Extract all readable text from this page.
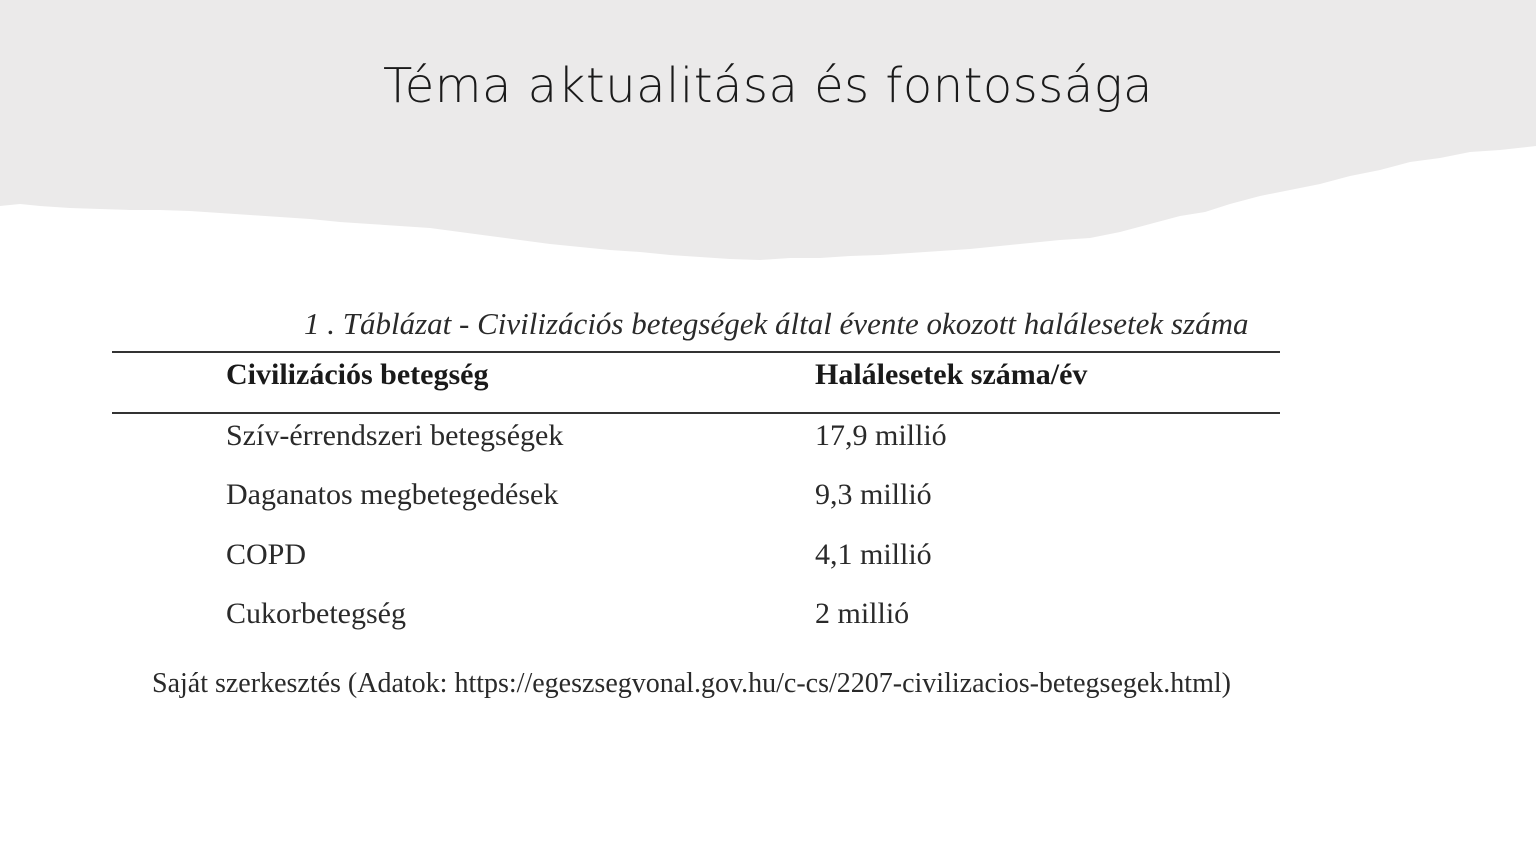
Téma aktualitása és fontossága
1 . Táblázat - Civilizációs betegségek által évente okozott halálesetek száma
Civilizációs betegség	Halálesetek száma/év
Szív-érrendszeri betegségek	17,9 millió
Daganatos megbetegedések	9,3 millió
COPD	4,1 millió
Cukorbetegség	2 millió
Saját szerkesztés (Adatok: https://egeszsegvonal.gov.hu/c-cs/2207-civilizacios-betegsegek.html)
